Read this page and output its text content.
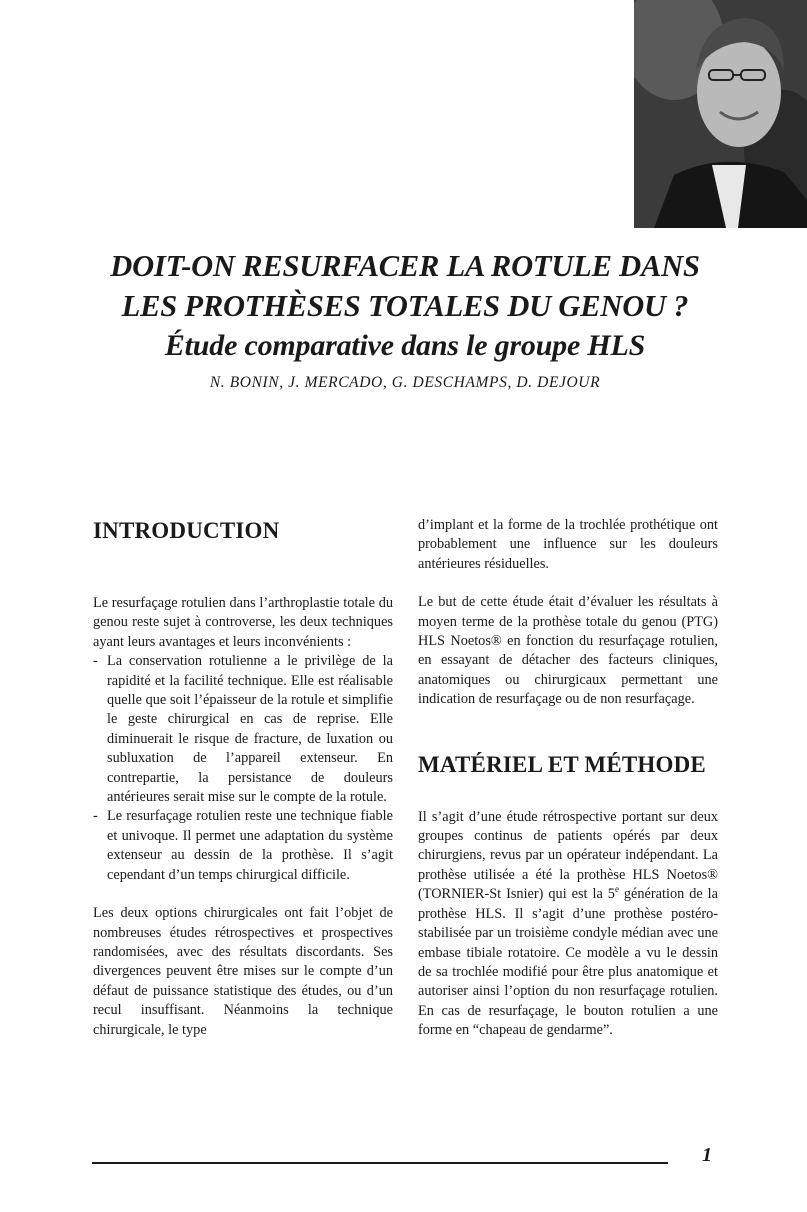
DOIT-ON RESURFACER LA ROTULE DANS

LES PROTHÈSES TOTALES DU GENOU ?

Étude comparative dans le groupe HLS

N. BONIN, J. MERCADO, G. DESCHAMPS, D. DEJOUR
INTRODUCTION

Le resurfaçage rotulien dans l’arthroplastie totale du genou reste sujet à controverse, les deux techniques ayant leurs avantages et leurs inconvénients :

- La conservation rotulienne a le privilège de la rapidité et la facilité technique. Elle est réalisable quelle que soit l’épaisseur de la rotule et simplifie le geste chirurgical en cas de reprise. Elle diminuerait le risque de fracture, de luxation ou subluxation de l’appareil extenseur. En contrepartie, la persistance de douleurs antérieures serait mise sur le compte de la rotule.
- Le resurfaçage rotulien reste une technique fiable et univoque. Il permet une adaptation du système extenseur au dessin de la prothèse. Il s’agit cependant d’un temps chirurgical difficile.

Les deux options chirurgicales ont fait l’objet de nombreuses études rétrospectives et prospectives randomisées, avec des résultats discordants. Ses divergences peuvent être mises sur le compte d’un défaut de puissance statistique des études, ou d’un recul insuffisant. Néanmoins la technique chirurgicale, le type

d’implant et la forme de la trochlée prothétique ont probablement une influence sur les douleurs antérieures résiduelles.

Le but de cette étude était d’évaluer les résultats à moyen terme de la prothèse totale du genou (PTG) HLS Noetos® en fonction du resurfaçage rotulien, en essayant de détacher des facteurs cliniques, anatomiques ou chirurgicaux permettant une indication de resurfaçage ou de non resurfaçage.

MATÉRIEL ET MÉTHODE

Il s’agit d’une étude rétrospective portant sur deux groupes continus de patients opérés par deux chirurgiens, revus par un opérateur indépendant. La prothèse utilisée a été la prothèse HLS Noetos® (TORNIER-St Isnier) qui est la 5e génération de la prothèse HLS. Il s’agit d’une prothèse postéro-stabilisée par un troisième condyle médian avec une embase tibiale rotatoire. Ce modèle a vu le dessin de sa trochlée modifié pour être plus anatomique et autoriser ainsi l’option du non resurfaçage rotulien. En cas de resurfaçage, le bouton rotulien a une forme en “chapeau de gendarme”.

1
